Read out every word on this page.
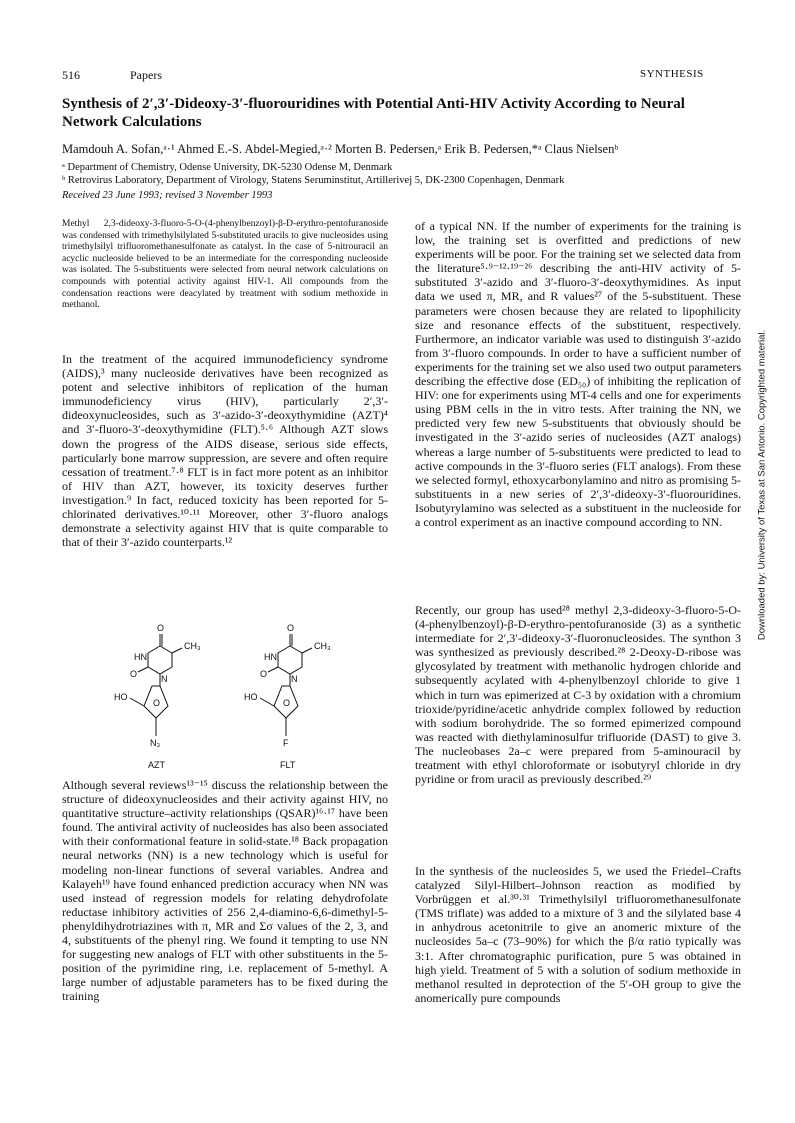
516	Papers	SYNTHESIS
Synthesis of 2′,3′-Dideoxy-3′-fluorouridines with Potential Anti-HIV Activity According to Neural Network Calculations
Mamdouh A. Sofan,ᵃ·¹ Ahmed E.-S. Abdel-Megied,ᵃ·² Morten B. Pedersen,ᵃ Erik B. Pedersen,*ᵃ Claus Nielsenᵇ
ᵃ Department of Chemistry, Odense University, DK-5230 Odense M, Denmark
ᵇ Retrovirus Laboratory, Department of Virology, Statens Seruminstitut, Artillerivej 5, DK-2300 Copenhagen, Denmark
Received 23 June 1993; revised 3 November 1993
Methyl 2,3-dideoxy-3-fluoro-5-O-(4-phenylbenzoyl)-β-D-erythro-pentofuranoside was condensed with trimethylsilylated 5-substituted uracils to give nucleosides using trimethylsilyl trifluoromethanesulfonate as catalyst. In the case of 5-nitrouracil an acyclic nucleoside believed to be an intermediate for the corresponding nucleoside was isolated. The 5-substituents were selected from neural network calculations on compounds with potential activity against HIV-1. All compounds from the condensation reactions were deacylated by treatment with sodium methoxide in methanol.

In the treatment of the acquired immunodeficiency syndrome (AIDS),³ many nucleoside derivatives have been recognized as potent and selective inhibitors of replication of the human immunodeficiency virus (HIV), particularly 2′,3′-dideoxynucleosides, such as 3′-azido-3′-deoxythymidine (AZT)⁴ and 3′-fluoro-3′-deoxythymidine (FLT).⁵·⁶ Although AZT slows down the progress of the AIDS disease, serious side effects, particularly bone marrow suppression, are severe and often require cessation of treatment.⁷·⁸ FLT is in fact more potent as an inhibitor of HIV than AZT, however, its toxicity deserves further investigation.⁹ In fact, reduced toxicity has been reported for 5-chlorinated derivatives.¹⁰·¹¹ Moreover, other 3′-fluoro analogs demonstrate a selectivity against HIV that is quite comparable to that of their 3′-azido counterparts.¹²

O
CH₃
HN
O	N
HO
O
N₃
AZT
O
CH₃
HN
O	N
HO
O
F
FLT

Although several reviews¹³⁻¹⁵ discuss the relationship between the structure of dideoxynucleosides and their activity against HIV, no quantitative structure–activity relationships (QSAR)¹⁶·¹⁷ have been found. The antiviral activity of nucleosides has also been associated with their conformational feature in solid-state.¹⁸ Back propagation neural networks (NN) is a new technology which is useful for modeling non-linear functions of several variables. Andrea and Kalayeh¹⁹ have found enhanced prediction accuracy when NN was used instead of regression models for relating dehydrofolate reductase inhibitory activities of 256 2,4-diamino-6,6-dimethyl-5-phenyldihydrotriazines with π, MR and Σσ values of the 2, 3, and 4, substituents of the phenyl ring. We found it tempting to use NN for suggesting new analogs of FLT with other substituents in the 5-position of the pyrimidine ring, i.e. replacement of 5-methyl. A large number of adjustable parameters has to be fixed during the training

of a typical NN. If the number of experiments for the training is low, the training set is overfitted and predictions of new experiments will be poor. For the training set we selected data from the literature⁵·⁹⁻¹²·¹⁹⁻²⁶ describing the anti-HIV activity of 5-substituted 3′-azido and 3′-fluoro-3′-deoxythymidines. As input data we used π, MR, and R values²⁷ of the 5-substituent. These parameters were chosen because they are related to lipophilicity size and resonance effects of the substituent, respectively. Furthermore, an indicator variable was used to distinguish 3′-azido from 3′-fluoro compounds. In order to have a sufficient number of experiments for the training set we also used two output parameters describing the effective dose (ED₅₀) of inhibiting the replication of HIV: one for experiments using MT-4 cells and one for experiments using PBM cells in the in vitro tests. After training the NN, we predicted very few new 5-substituents that obviously should be investigated in the 3′-azido series of nucleosides (AZT analogs) whereas a large number of 5-substituents were predicted to lead to active compounds in the 3′-fluoro series (FLT analogs). From these we selected formyl, ethoxycarbonylamino and nitro as promising 5-substituents in a new series of 2′,3′-dideoxy-3′-fluorouridines. Isobutyrylamino was selected as a substituent in the nucleoside for a control experiment as an inactive compound according to NN.

Recently, our group has used²⁸ methyl 2,3-dideoxy-3-fluoro-5-O-(4-phenylbenzoyl)-β-D-erythro-pentofuranoside (3) as a synthetic intermediate for 2′,3′-dideoxy-3′-fluoronucleosides. The synthon 3 was synthesized as previously described.²⁸ 2-Deoxy-D-ribose was glycosylated by treatment with methanolic hydrogen chloride and subsequently acylated with 4-phenylbenzoyl chloride to give 1 which in turn was epimerized at C-3 by oxidation with a chromium trioxide/pyridine/acetic anhydride complex followed by reduction with sodium borohydride. The so formed epimerized compound was reacted with diethylaminosulfur trifluoride (DAST) to give 3. The nucleobases 2a–c were prepared from 5-aminouracil by treatment with ethyl chloroformate or isobutyryl chloride in dry pyridine or from uracil as previously described.²⁹

In the synthesis of the nucleosides 5, we used the Friedel–Crafts catalyzed Silyl-Hilbert–Johnson reaction as modified by Vorbrüggen et al.³⁰·³¹ Trimethylsilyl trifluoromethanesulfonate (TMS triflate) was added to a mixture of 3 and the silylated base 4 in anhydrous acetonitrile to give an anomeric mixture of the nucleosides 5a–c (73–90%) for which the β/α ratio typically was 3:1. After chromatographic purification, pure 5 was obtained in high yield. Treatment of 5 with a solution of sodium methoxide in methanol resulted in deprotection of the 5′-OH group to give the anomerically pure compounds

Downloaded by: University of Texas at San Antonio. Copyrighted material.
